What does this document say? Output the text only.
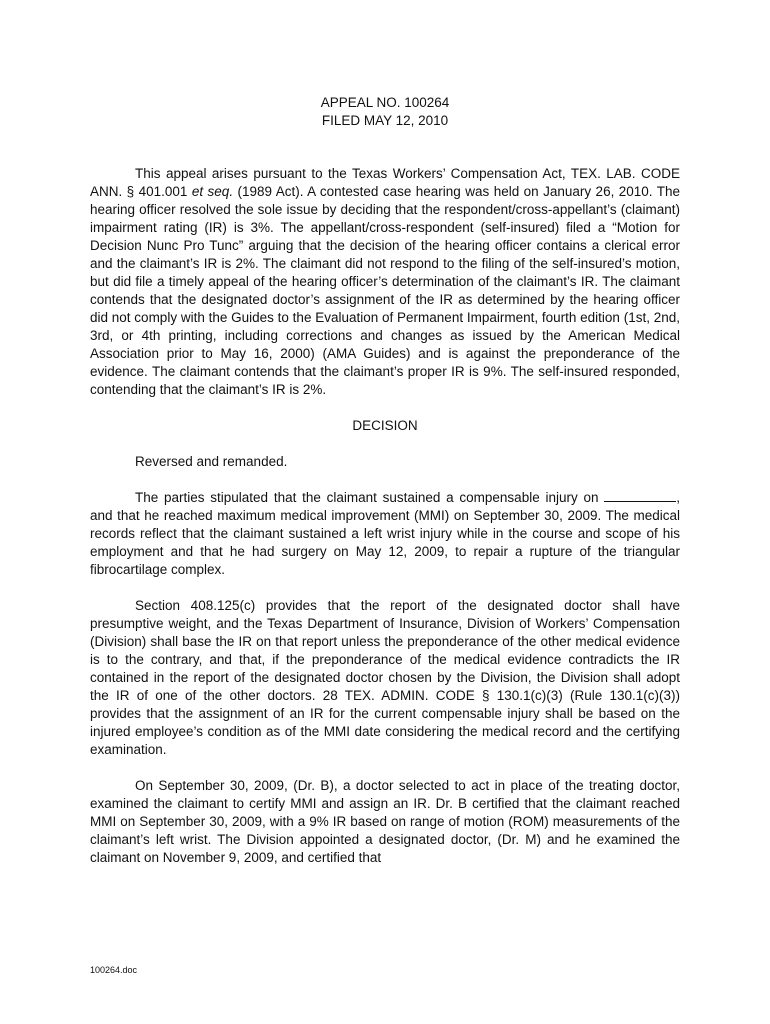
APPEAL NO. 100264
FILED MAY 12, 2010

This appeal arises pursuant to the Texas Workers’ Compensation Act, TEX. LAB. CODE ANN. § 401.001 et seq. (1989 Act). A contested case hearing was held on January 26, 2010. The hearing officer resolved the sole issue by deciding that the respondent/cross-appellant’s (claimant) impairment rating (IR) is 3%. The appellant/cross-respondent (self-insured) filed a “Motion for Decision Nunc Pro Tunc” arguing that the decision of the hearing officer contains a clerical error and the claimant’s IR is 2%. The claimant did not respond to the filing of the self-insured’s motion, but did file a timely appeal of the hearing officer’s determination of the claimant’s IR. The claimant contends that the designated doctor’s assignment of the IR as determined by the hearing officer did not comply with the Guides to the Evaluation of Permanent Impairment, fourth edition (1st, 2nd, 3rd, or 4th printing, including corrections and changes as issued by the American Medical Association prior to May 16, 2000) (AMA Guides) and is against the preponderance of the evidence. The claimant contends that the claimant’s proper IR is 9%. The self-insured responded, contending that the claimant’s IR is 2%.

DECISION

Reversed and remanded.

The parties stipulated that the claimant sustained a compensable injury on	, and that he reached maximum medical improvement (MMI) on September 30, 2009. The medical records reflect that the claimant sustained a left wrist injury while in the course and scope of his employment and that he had surgery on May 12, 2009, to repair a rupture of the triangular fibrocartilage complex.

Section 408.125(c) provides that the report of the designated doctor shall have presumptive weight, and the Texas Department of Insurance, Division of Workers’ Compensation (Division) shall base the IR on that report unless the preponderance of the other medical evidence is to the contrary, and that, if the preponderance of the medical evidence contradicts the IR contained in the report of the designated doctor chosen by the Division, the Division shall adopt the IR of one of the other doctors. 28 TEX. ADMIN. CODE § 130.1(c)(3) (Rule 130.1(c)(3)) provides that the assignment of an IR for the current compensable injury shall be based on the injured employee’s condition as of the MMI date considering the medical record and the certifying examination.

On September 30, 2009, (Dr. B), a doctor selected to act in place of the treating doctor, examined the claimant to certify MMI and assign an IR. Dr. B certified that the claimant reached MMI on September 30, 2009, with a 9% IR based on range of motion (ROM) measurements of the claimant’s left wrist. The Division appointed a designated doctor, (Dr. M) and he examined the claimant on November 9, 2009, and certified that

100264.doc
